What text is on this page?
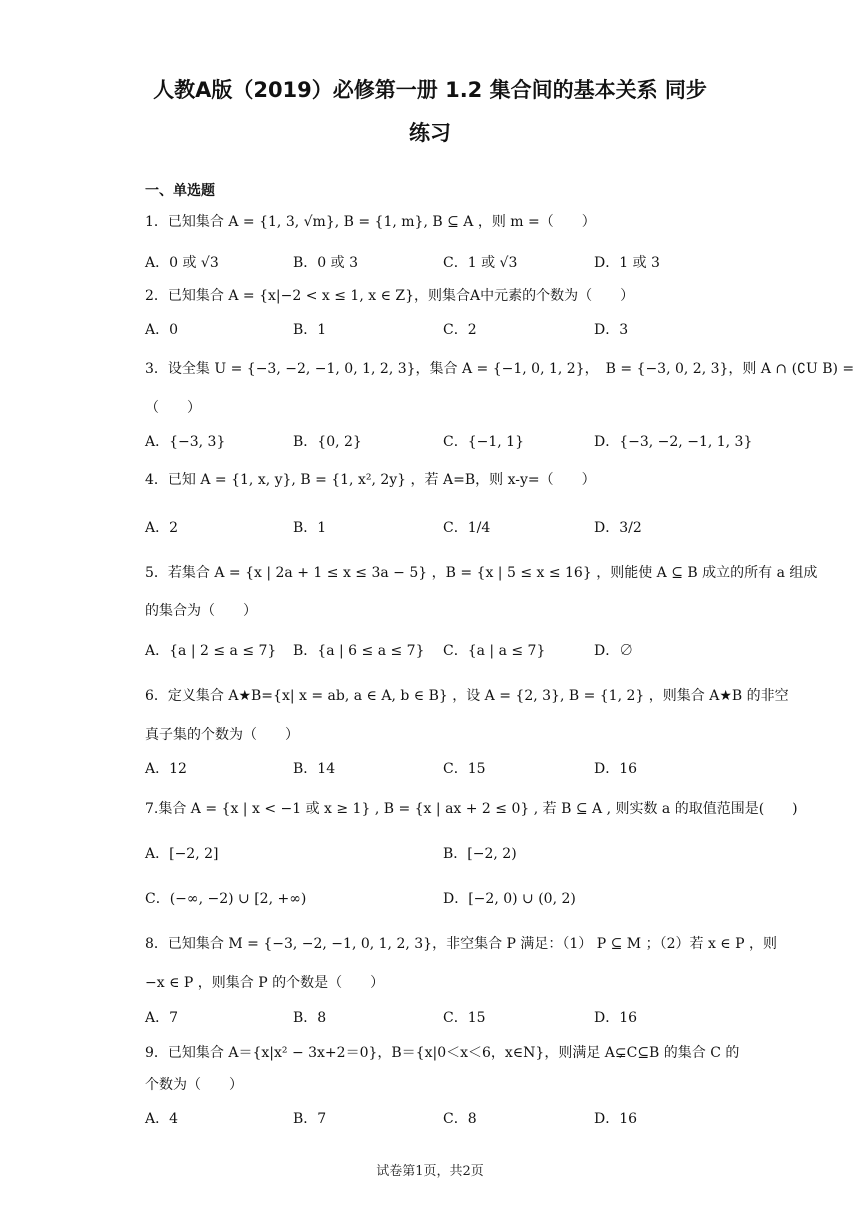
人教A版（2019）必修第一册 1.2 集合间的基本关系 同步
练习
一、单选题
1．已知集合 A = {1, 3, √m}, B = {1, m}, B ⊆ A ，则 m =（　　）
A．0 或 √3	B．0 或 3	C．1 或 √3	D．1 或 3
2．已知集合 A = {x|−2 < x ≤ 1, x ∈ Z}，则集合A中元素的个数为（　　）
A．0	B．1	C．2	D．3
3．设全集 U = {−3, −2, −1, 0, 1, 2, 3}，集合 A = {−1, 0, 1, 2}，　B = {−3, 0, 2, 3}，则 A ∩ (∁U B) =
（　　）
A．{−3, 3}	B．{0, 2}	C．{−1, 1}	D．{−3, −2, −1, 1, 3}
4．已知 A = {1, x, y}, B = {1, x², 2y} ，若 A=B，则 x-y=（　　）
A．2	B．1	C．1/4	D．3/2
5．若集合 A = {x | 2a + 1 ≤ x ≤ 3a − 5} ，B = {x | 5 ≤ x ≤ 16} ，则能使 A ⊆ B 成立的所有 a 组成
的集合为（　　）
A．{a | 2 ≤ a ≤ 7} B．{a | 6 ≤ a ≤ 7} C．{a | a ≤ 7}	D．∅
6．定义集合 A★B={x| x = ab, a ∈ A, b ∈ B} ，设 A = {2, 3}, B = {1, 2} ，则集合 A★B 的非空
真子集的个数为（　　）
A．12	B．14	C．15	D．16
7.集合 A = {x | x < −1 或 x ≥ 1} , B = {x | ax + 2 ≤ 0} , 若 B ⊆ A , 则实数 a 的取值范围是(　　)
A．[−2, 2]	B．[−2, 2)
C．(−∞, −2) ∪ [2, +∞)	D．[−2, 0) ∪ (0, 2)
8．已知集合 M = {−3, −2, −1, 0, 1, 2, 3}，非空集合 P 满足：（1） P ⊆ M ；（2）若 x ∈ P ，则
−x ∈ P ，则集合 P 的个数是（　　）
A．7	B．8	C．15	D．16
9．已知集合 A＝{x|x² − 3x+2＝0}，B＝{x|0＜x＜6，x∈N}，则满足 A⊊C⊆B 的集合 C 的
个数为（　　）
A．4	B．7	C．8	D．16
试卷第1页，共2页
